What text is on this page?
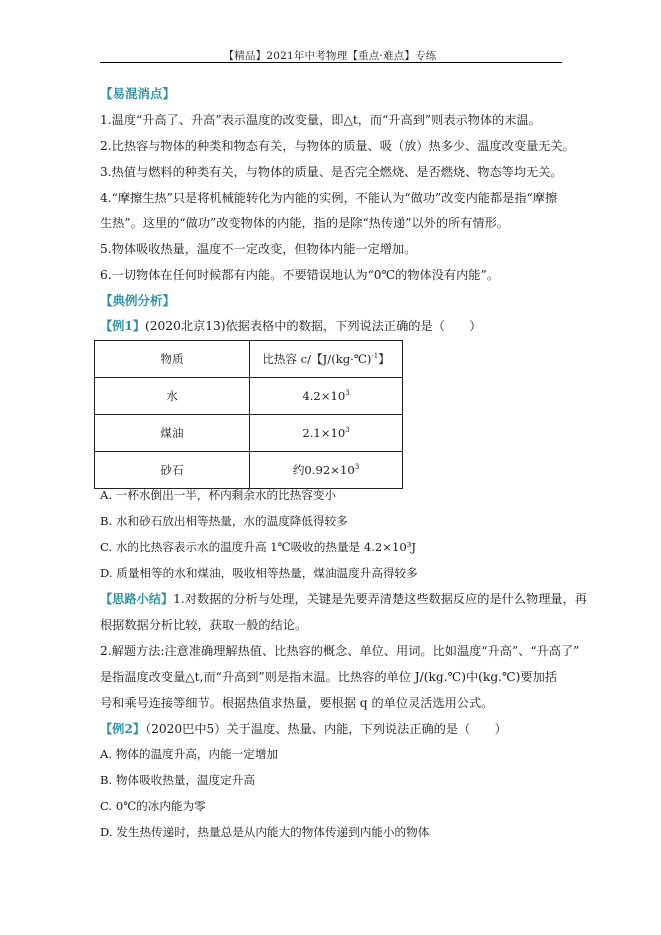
【精品】2021年中考物理【重点·难点】专练
【易混消点】
1.温度“升高了、升高”表示温度的改变量，即△t，而“升高到”则表示物体的末温。
2.比热容与物体的种类和物态有关，与物体的质量、吸（放）热多少、温度改变量无关。
3.热值与燃料的种类有关，与物体的质量、是否完全燃烧、是否燃烧、物态等均无关。
4.“摩擦生热”只是将机械能转化为内能的实例，不能认为“做功”改变内能都是指“摩擦
生热”。这里的“做功”改变物体的内能，指的是除“热传递”以外的所有情形。
5.物体吸收热量，温度不一定改变，但物体内能一定增加。
6.一切物体在任何时候都有内能。不要错误地认为“0℃的物体没有内能”。
【典例分析】
【例1】(2020北京13)依据表格中的数据，下列说法正确的是（　　）
物质	比热容 c/【J/(kg·℃)$^{-1}$】
水	$4.2\times 10^3$
煤油	$2.1\times 10^3$
砂石	约$0.92\times 10^3$
A. 一杯水倒出一半，杯内剩余水的比热容变小
B. 水和砂石放出相等热量，水的温度降低得较多
C. 水的比热容表示水的温度升高 1℃吸收的热量是 4.2×10³J
D. 质量相等的水和煤油，吸收相等热量，煤油温度升高得较多
【思路小结】1.对数据的分析与处理，关键是先要弄清楚这些数据反应的是什么物理量，再
根据数据分析比较，获取一般的结论。
2.解题方法:注意准确理解热值、比热容的概念、单位、用词。比如温度“升高”、“升高了”
是指温度改变量△t,而“升高到”则是指末温。比热容的单位 J/(kg.℃)中(kg.℃)要加括
号和乘号连接等细节。根据热值求热量，要根据 q 的单位灵活选用公式。
【例2】（2020巴中5）关于温度、热量、内能，下列说法正确的是（　　）
A. 物体的温度升高，内能一定增加
B. 物体吸收热量，温度定升高
C. 0℃的冰内能为零
D. 发生热传递时，热量总是从内能大的物体传递到内能小的物体
